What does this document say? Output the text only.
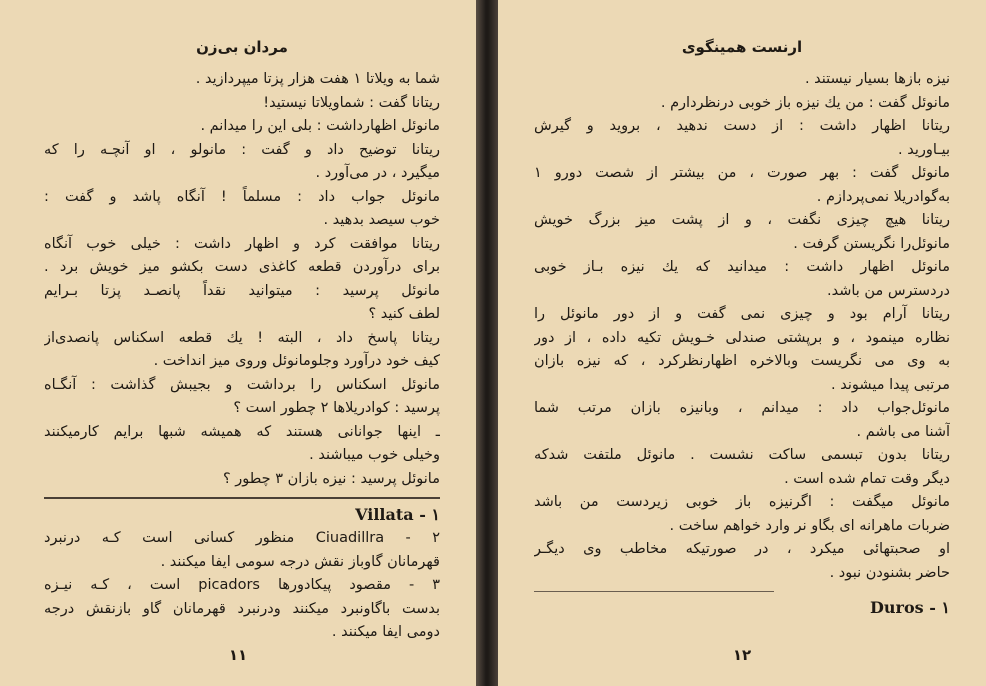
مردان بی‌زن
شما به ویلاتا ۱ هفت هزار پزتا میپردازید .
ریتانا گفت : شماویلاتا نیستید!
مانوئل اظهارداشت : بلی این را میدانم .
ریتانا توضیح داد و گفت : مانولو ، او آنچـه را که
میگیرد ، در می‌آورد .
مانوئل جواب داد : مسلماً ! آنگاه پاشد و گفت :
خوب سیصد بدهید .
ریتانا موافقت کرد و اظهار داشت : خیلی خوب آنگاه
برای درآوردن قطعه کاغذی دست بکشو میز خویش برد .
مانوئل پرسید : میتوانید نقداً پانصـد پزتا بـرایم
لطف کنید ؟
ریتانا پاسخ داد ، البته ! یك قطعه اسکناس پانصدی‌از
کیف خود درآورد وجلومانوئل وروی میز انداخت .
مانوئل اسکناس را برداشت و بجیبش گذاشت : آنگـاه
پرسید : کوادریلاها ۲ چطور است ؟
ـ اینها جوانانی هستند که همیشه شبها برایم کارمیکنند
وخیلی خوب میباشند .
مانوئل پرسید : نیزه بازان ۳ چطور ؟
Villata - ۱
۲ - Ciuadillra منظور کسانی است کـه درنبرد
قهرمانان گاوباز نقش درجه سومی ایفا میکنند .
۳ - مقصود پیکادورها picadors است ، کـه نیـزه
بدست باگاونبرد میکنند ودرنبرد قهرمانان گاو بازنقش درجه
دومی ایفا میکنند .
۱۱
ارنست همینگوی
نیزه بازها بسیار نیستند .
مانوئل گفت : من یك نیزه باز خوبی درنظردارم .
ریتانا اظهار داشت : از دست ندهید ، بروید و گیرش
بیـاورید .
مانوئل گفت : بهر صورت ، من بیشتر از شصت دورو ۱
به‌گوادریلا نمی‌پردازم .
ریتانا هیچ چیزی نگفت ، و از پشت میز بزرگ خویش
مانوئل‌را نگریستن گرفت .
مانوئل اظهار داشت : میدانید که یك نیزه بـاز خوبی
دردسترس من باشد.
ریتانا آرام بود و چیزی نمی گفت و از دور مانوئل را
نظاره مینمود ، و برپشتی صندلی خـویش تکیه داده ، از دور
به وی می نگریست وبالاخره اظهارنظرکرد ، که نیزه بازان
مرتبی پیدا میشوند .
مانوئل‌جواب داد : میدانم ، وبانیزه بازان مرتب شما
آشنا می باشم .
ریتانا بدون تبسمی ساکت نشست . مانوئل ملتفت شدکه
دیگر وقت تمام شده است .
مانوئل میگفت : اگرنیزه باز خوبی زیردست من باشد
ضربات ماهرانه ای بگاو نر وارد خواهم ساخت .
او صحبتهائی میکرد ، در صورتیکه مخاطب وی دیگـر
حاضر بشنودن نبود .
Duros - ۱
۱۲
